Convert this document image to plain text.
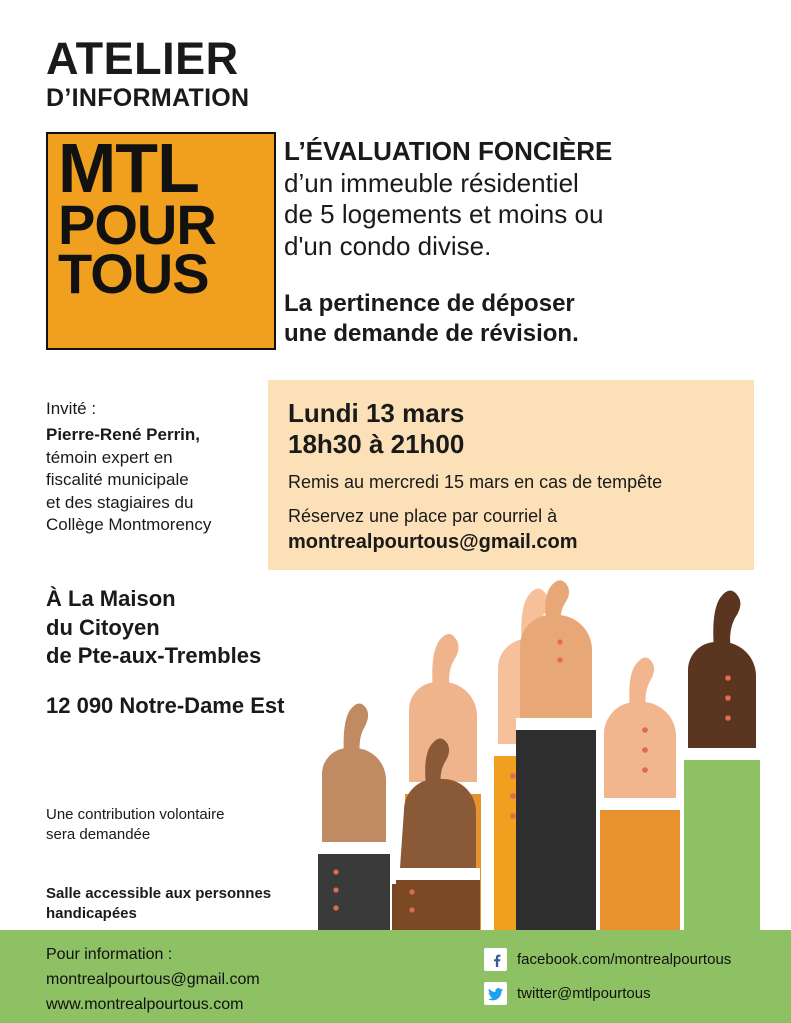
ATELIER
D’INFORMATION
MTL
POUR
TOUS
L’ÉVALUATION FONCIÈRE
d’un immeuble résidentiel
de 5 logements et moins ou
d'un condo divise.
La pertinence de déposer
une demande de révision.

Invité :

Pierre-René Perrin,

témoin expert en

fiscalité municipale

et des stagiaires du

Collège Montmorency

Lundi 13 mars
18h30 à 21h00
Remis au mercredi 15 mars en cas de tempête
Réservez une place par courriel à
montrealpourtous@gmail.com
À La Maison
du Citoyen
de Pte-aux-Trembles
12 090 Notre-Dame Est

Une contribution volontaire
sera demandée

Salle accessible aux personnes
handicapées

Pour information :
montrealpourtous@gmail.com
www.montrealpourtous.com
facebook.com/montrealpourtous
twitter@mtlpourtous
